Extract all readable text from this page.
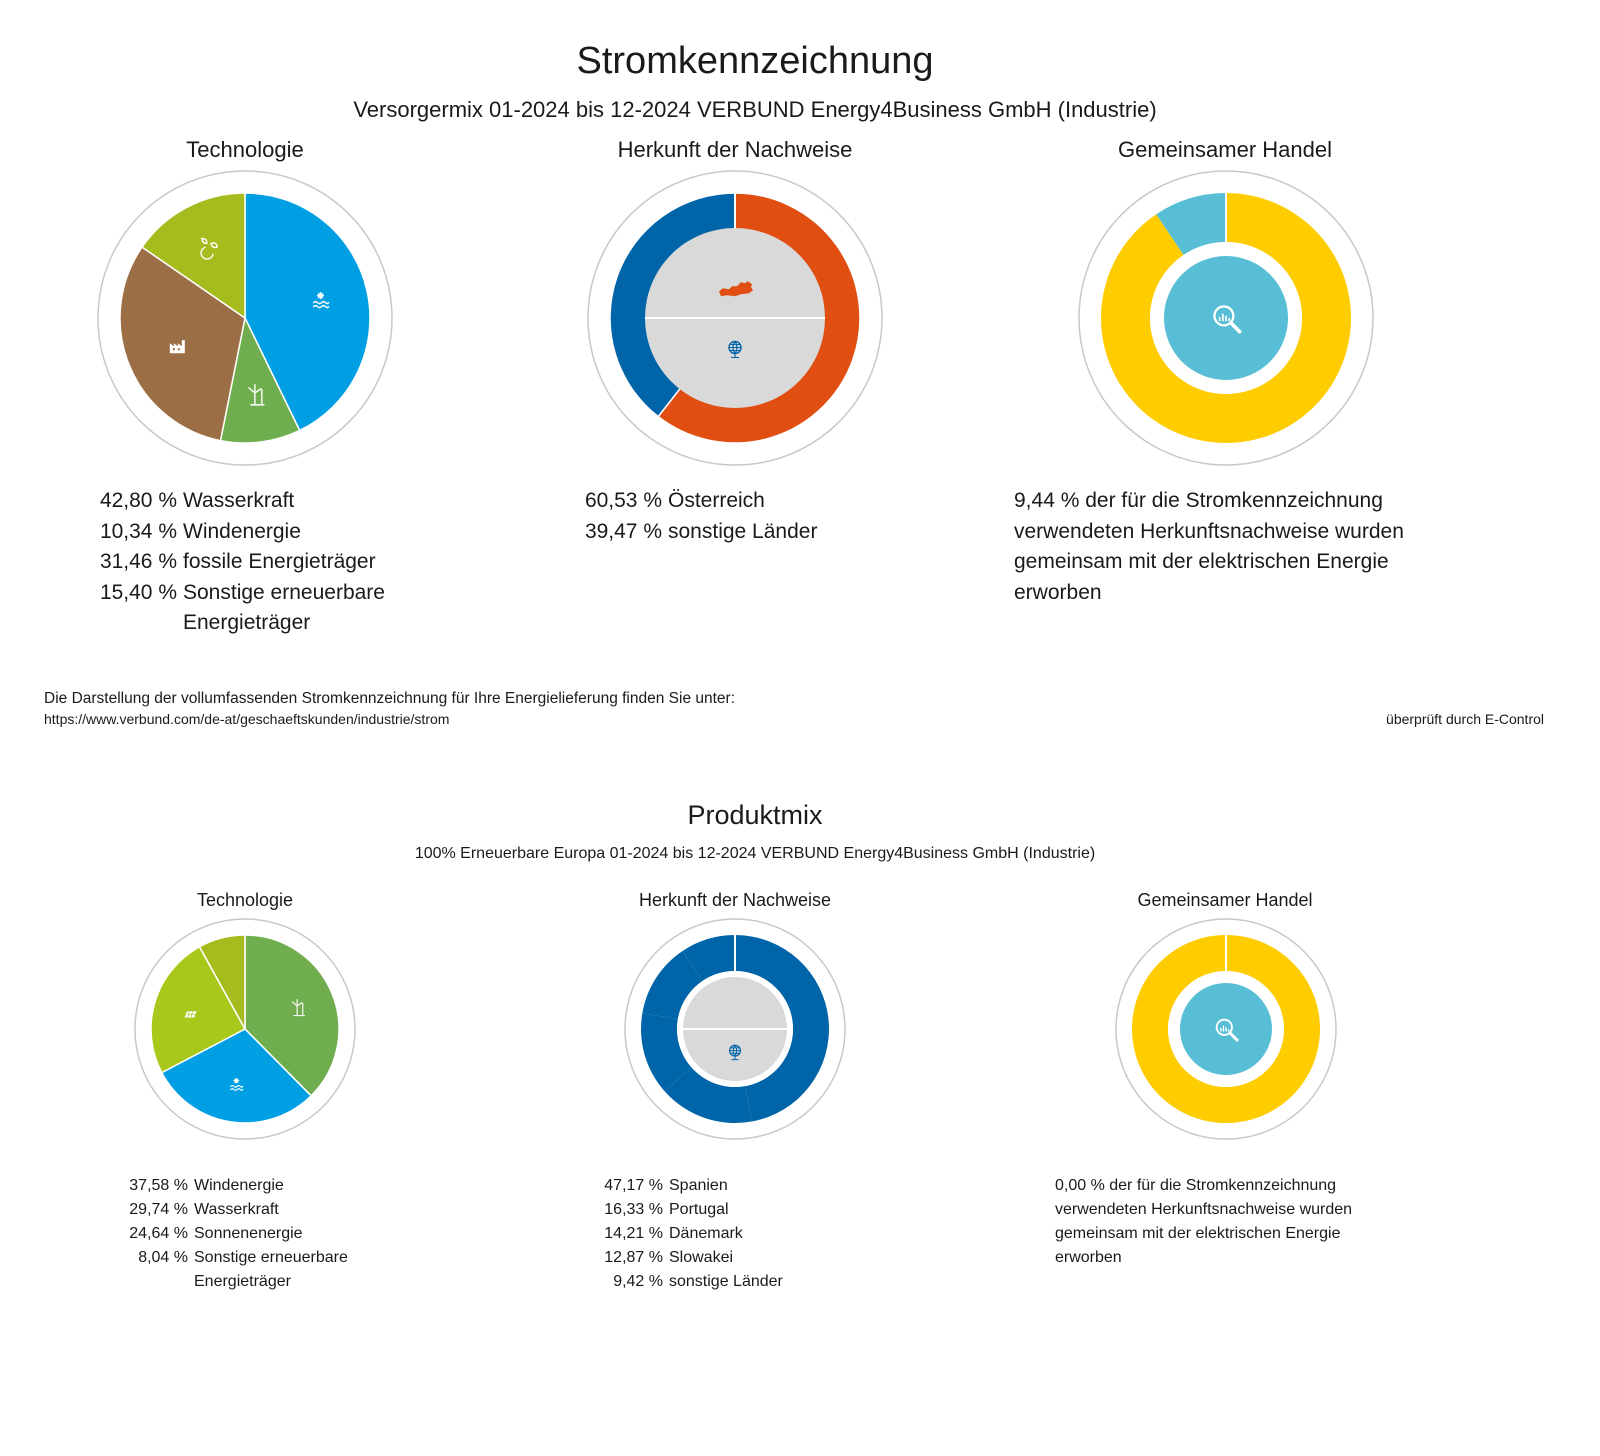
Stromkennzeichnung
Versorgermix 01-2024 bis 12-2024 VERBUND Energy4Business GmbH (Industrie)
Technologie	Herkunft der Nachweise	Gemeinsamer Handel
42,80 % Wasserkraft
10,34 % Windenergie
31,46 % fossile Energieträger
15,40 % Sonstige erneuerbare
Energieträger
60,53 % Österreich
39,47 % sonstige Länder
9,44 % der für die Stromkennzeichnung
verwendeten Herkunftsnachweise wurden
gemeinsam mit der elektrischen Energie
erworben
Die Darstellung der vollumfassenden Stromkennzeichnung für Ihre Energielieferung finden Sie unter:
https://www.verbund.com/de-at/geschaeftskunden/industrie/strom	überprüft durch E-Control
Produktmix
100% Erneuerbare Europa 01-2024 bis 12-2024 VERBUND Energy4Business GmbH (Industrie)
Technologie	Herkunft der Nachweise	Gemeinsamer Handel
37,58 % Windenergie
29,74 % Wasserkraft
24,64 % Sonnenenergie
8,04 % Sonstige erneuerbare
Energieträger
47,17 % Spanien
16,33 % Portugal
14,21 % Dänemark
12,87 % Slowakei
9,42 % sonstige Länder
0,00 % der für die Stromkennzeichnung
verwendeten Herkunftsnachweise wurden
gemeinsam mit der elektrischen Energie
erworben
